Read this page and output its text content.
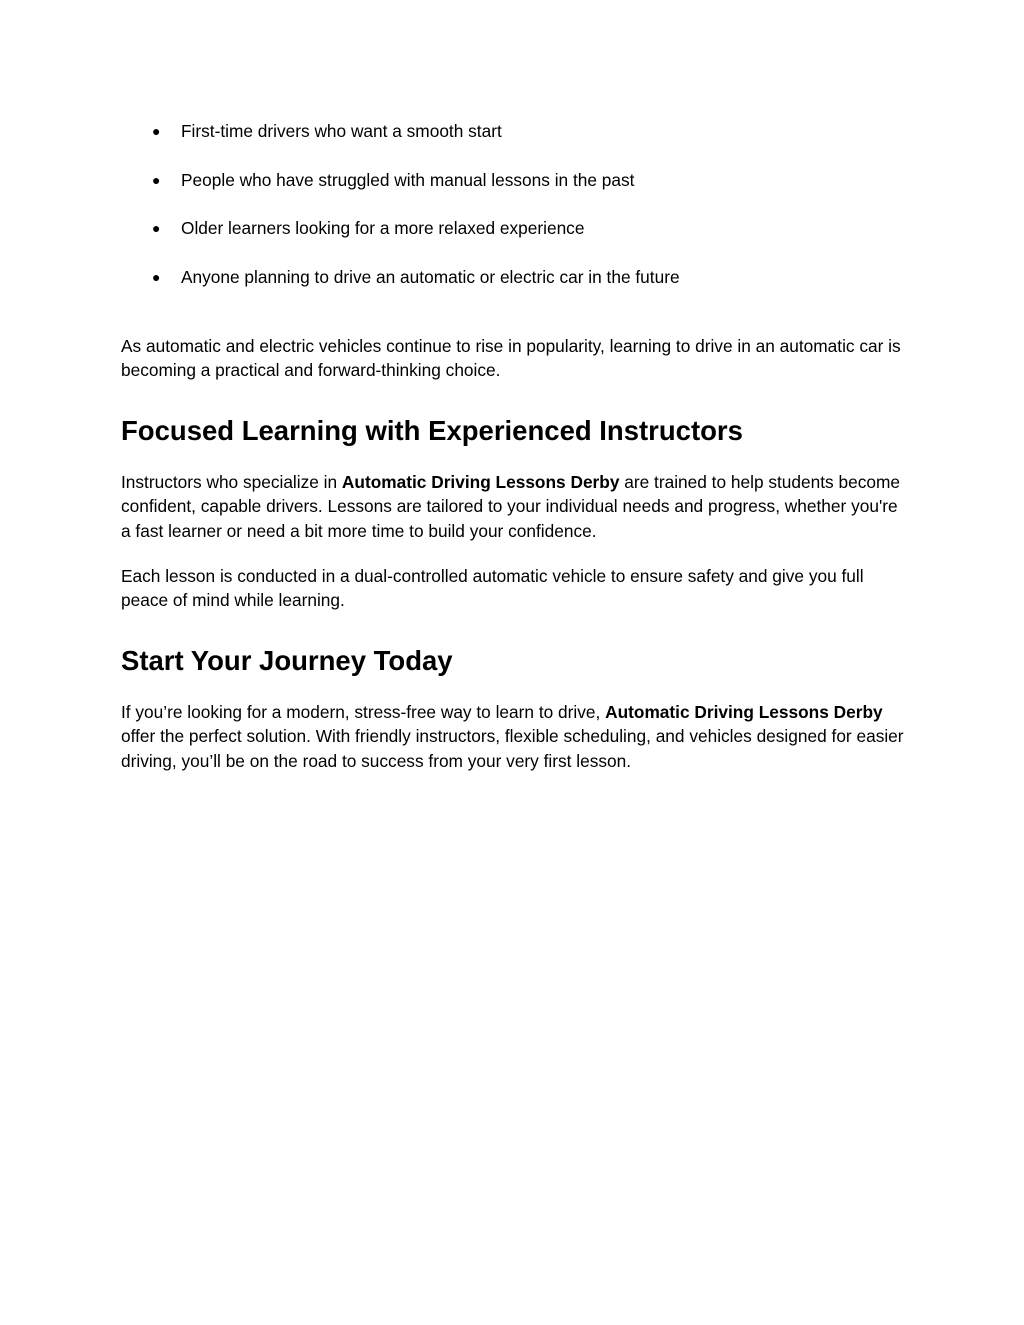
● First-time drivers who want a smooth start
● People who have struggled with manual lessons in the past
● Older learners looking for a more relaxed experience
● Anyone planning to drive an automatic or electric car in the future

As automatic and electric vehicles continue to rise in popularity, learning to drive in an automatic car is becoming a practical and forward-thinking choice.

Focused Learning with Experienced Instructors

Instructors who specialize in Automatic Driving Lessons Derby are trained to help students become confident, capable drivers. Lessons are tailored to your individual needs and progress, whether you're a fast learner or need a bit more time to build your confidence.

Each lesson is conducted in a dual-controlled automatic vehicle to ensure safety and give you full peace of mind while learning.

Start Your Journey Today

If you’re looking for a modern, stress-free way to learn to drive, Automatic Driving Lessons Derby offer the perfect solution. With friendly instructors, flexible scheduling, and vehicles designed for easier driving, you’ll be on the road to success from your very first lesson.
